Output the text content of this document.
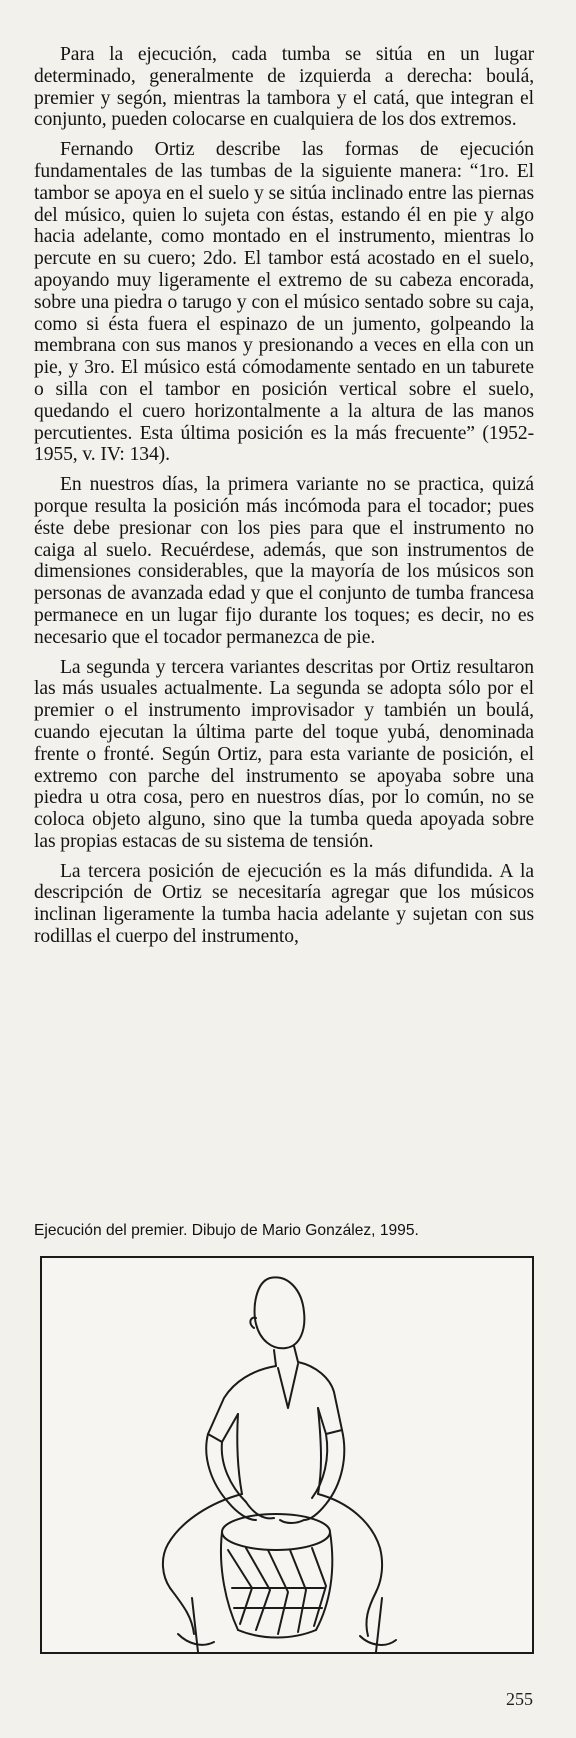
Para la ejecución, cada tumba se sitúa en un lugar determinado, generalmente de izquierda a derecha: boulá, premier y segón, mientras la tambora y el catá, que integran el conjunto, pueden colocarse en cualquiera de los dos extremos.

Fernando Ortiz describe las formas de ejecución fundamentales de las tumbas de la siguiente manera: “1ro. El tambor se apoya en el suelo y se sitúa inclinado entre las piernas del músico, quien lo sujeta con éstas, estando él en pie y algo hacia adelante, como montado en el instrumento, mientras lo percute en su cuero; 2do. El tambor está acostado en el suelo, apoyando muy ligeramente el extremo de su cabeza encorada, sobre una piedra o tarugo y con el músico sentado sobre su caja, como si ésta fuera el espinazo de un jumento, golpeando la membrana con sus manos y presionando a veces en ella con un pie, y 3ro. El músico está cómodamente sentado en un taburete o silla con el tambor en posición vertical sobre el suelo, quedando el cuero horizontalmente a la altura de las manos percutientes. Esta última posición es la más frecuente” (1952-1955, v. IV: 134).

En nuestros días, la primera variante no se practica, quizá porque resulta la posición más incómoda para el tocador; pues éste debe presionar con los pies para que el instrumento no caiga al suelo. Recuérdese, además, que son instrumentos de dimensiones considerables, que la mayoría de los músicos son personas de avanzada edad y que el conjunto de tumba francesa permanece en un lugar fijo durante los toques; es decir, no es necesario que el tocador permanezca de pie.

La segunda y tercera variantes descritas por Ortiz resultaron las más usuales actualmente. La segunda se adopta sólo por el premier o el instrumento improvisador y también un boulá, cuando ejecutan la última parte del toque yubá, denominada frente o fronté. Según Ortiz, para esta variante de posición, el extremo con parche del instrumento se apoyaba sobre una piedra u otra cosa, pero en nuestros días, por lo común, no se coloca objeto alguno, sino que la tumba queda apoyada sobre las propias estacas de su sistema de tensión.

La tercera posición de ejecución es la más difundida. A la descripción de Ortiz se necesitaría agregar que los músicos inclinan ligeramente la tumba hacia adelante y sujetan con sus rodillas el cuerpo del instrumento,

Ejecución del premier. Dibujo de Mario González, 1995.
255
